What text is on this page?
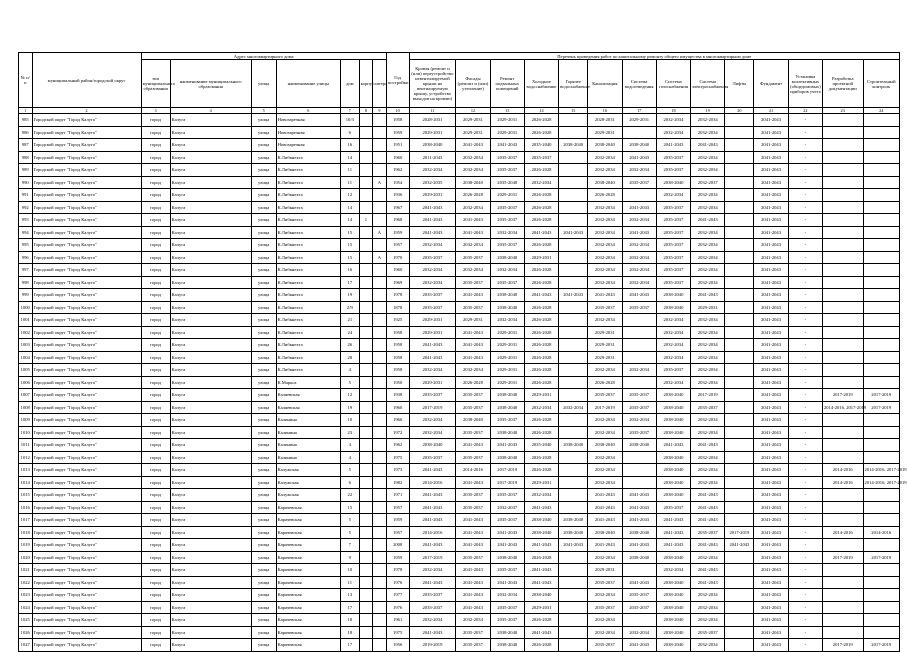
№ п/п	муниципальный район/городской округ	Адрес многоквартирного дома							Год постройки	Перечень проведения работ по капитальному ремонту общего имущества в многоквартирном доме													
		тип муниципального образования	наименование муниципального образования	улица	наименование улицы	дом	корпус	литера		Кровля (ремонт и (или) переустройство невентилируемой крыши на вентилируемую крышу, устройство выходов на кровлю)	Фасады (ремонт и (или) утепление)	Ремонт подвальных помещений	Холодное водоснабжение	Горячее водоснабжение	Канализация	Система водоотведения	Система газоснабжения	Система электроснабжения	Лифты	Фундамент	Установка коллективных (общедомовых) приборов учета	Разработка проектной документации	Строительный контроль
1	2	3	4	5	6	7	8	9	10	11	12	13	14	15	16	17	18	19	20	21	22	23	24
985	Городской округ "Город Калуга"	город	Калуга	улица	Новозаречная	10/3			1958	2028-2031	2029-2031	2029-2031	2026-2028		2028-2031	2029-2031	2032-2034	2032-2034		2041-2043	-		
986	Городской округ "Город Калуга"	город	Калуга	улица	Новозаречная	6			1959	2029-2031	2029-2031	2029-2031	2026-2028		2029-2031		2032-2034	2032-2034		2041-2043	-		
987	Городской округ "Город Калуга"	город	Калуга	улица	Новозаречная	16			1951	2038-2040	2041-2043	2041-2043	2035-2040	2038-2040	2038-2040	2038-2040	2041-2043	2041-2043		2041-2043	-		
988	Городской округ "Город Калуга"	город	Калуга	улица	К.Либкнехта	14			1960	2011-2043	2032-2034	2035-2037	2035-2037		2032-2034	2041-2043	2035-2037	2032-2034		2041-2043	-		
989	Городской округ "Город Калуга"	город	Калуга	улица	К.Либкнехта	11			1962	2032-2034	2032-2034	2035-2037	2026-2028		2032-2034	2032-2034	2035-2037	2032-2034		2041-2043	-		
990	Городской округ "Город Калуга"	город	Калуга	улица	К.Либкнехта	11		А	1954	2032-2035	2038-2040	2035-2040	2032-2034		2038-2040	2035-2037	2038-2040	2032-2037		2041-2043	-		
991	Городской округ "Город Калуга"	город	Калуга	улица	К.Либкнехта	12			1936	2029-2031	2026-2028	2029-2031	2026-2028		2026-2028		2032-2034	2032-2034		2041-2043	-		
992	Городской округ "Город Калуга"	город	Калуга	улица	К.Либкнехта	14			1967	2041-2043	2032-2034	2035-2037	2026-2028		2032-2034	2041-2043	2035-2037	2032-2034		2041-2043	-		
993	Городской округ "Город Калуга"	город	Калуга	улица	К.Либкнехта	14	1		1968	2041-2043	2041-2043	2035-2037	2026-2028		2032-2034	2032-2034	2035-2037	2041-2043		2041-2043	-		
994	Городской округ "Город Калуга"	город	Калуга	улица	К.Либкнехта	15		А	1959	2041-2043	2041-2043	2032-2034	2041-2043	2041-2043	2032-2034	2041-2043	2035-2037	2032-2034		2041-2043	-		
995	Городской округ "Город Калуга"	город	Калуга	улица	К.Либкнехта	15			1957	2032-2034	2032-2034	2035-2037	2026-2028		2032-2034	2032-2034	2035-2037	2032-2034		2041-2043	-		
996	Городской округ "Город Калуга"	город	Калуга	улица	К.Либкнехта	15		А	1970	2035-2037	2035-2037	2038-2040	2029-2031		2032-2034	2032-2034	2035-2037	2032-2034		2041-2043	-		
997	Городской округ "Город Калуга"	город	Калуга	улица	К.Либкнехта	16			1960	2032-2034	2032-2034	2032-2034	2026-2028		2032-2034	2032-2034	2035-2037	2032-2034		2041-2043	-		
998	Городской округ "Город Калуга"	город	Калуга	улица	К.Либкнехта	17			1969	2032-2034	2035-2037	2035-2037	2026-2028		2032-2034	2032-2034	2035-2037	2032-2034		2041-2043	-		
999	Городской округ "Город Калуга"	город	Калуга	улица	К.Либкнехта	19			1978	2035-2037	2041-2043	2038-2040	2041-2043	2041-2043	2041-2043	2041-2043	2038-2040	2041-2043		2041-2043	-		
1000	Городской округ "Город Калуга"	город	Калуга	улица	К.Либкнехта	2/9			1878	2035-2037	2035-2037	2038-2040	2026-2028		2035-2037	2035-2037	2038-2040	2029-2031		2041-2043	-		
1001	Городской округ "Город Калуга"	город	Калуга	улица	К.Либкнехта	21			1925	2029-2031	2029-2031	2032-2034	2026-2028		2032-2034		2032-2034	2032-2034		2041-2043	-		
1002	Городской округ "Город Калуга"	город	Калуга	улица	К.Либкнехта	24			1958	2029-2031	2041-2043	2029-2031	2026-2028		2029-2031		2032-2034	2032-2034		2041-2043	-		
1003	Городской округ "Город Калуга"	город	Калуга	улица	К.Либкнехта	26			1958	2041-2043	2041-2043	2029-2031	2026-2028		2029-2031		2032-2034	2032-2034		2041-2043	-		
1004	Городской округ "Город Калуга"	город	Калуга	улица	К.Либкнехта	28			1958	2041-2043	2041-2043	2029-2031	2026-2028		2029-2031		2032-2034	2032-2034		2041-2043	-		
1005	Городской округ "Город Калуга"	город	Калуга	улица	К.Либкнехта	4			1958	2032-2034	2032-2034	2029-2031	2026-2028		2032-2034	2032-2034	2035-2037	2032-2034		2041-2043	-		
1006	Городской округ "Город Калуга"	город	Калуга	улица	К.Маркса	5			1950	2029-2031	2026-2028	2029-2031	2026-2028		2026-2028		2032-2034	2032-2034		2041-2043	-		
1007	Городской округ "Город Калуга"	город	Калуга	улица	Каляевская	12			1938	2035-2037	2035-2037	2038-2040	2029-2031		2035-2037	2035-2037	2038-2040	2017-2019		2041-2043	-	2017-2019	2017-2019
1008	Городской округ "Город Калуга"	город	Калуга	улица	Каляевская	19			1960	2017-2019	2035-2037	2038-2040	2032-2034	2032-2034	2017-2019	2035-2037	2038-2040	2035-2037		2041-2043	-	2014-2016, 2017-2019	2017-2019
1009	Городской округ "Город Калуга"	город	Калуга	улица	Калинина	10			1966	2032-2034	2038-2040	2035-2037	2026-2028		2032-2034	2032-2034	2038-2040	2032-2034		2041-2043	-		
1010	Городской округ "Город Калуга"	город	Калуга	улица	Калинина	23			1972	2032-2034	2035-2037	2038-2040	2026-2028		2032-2034	2035-2037	2038-2040	2032-2034		2041-2043	-		
1011	Городской округ "Город Калуга"	город	Калуга	улица	Калинина	4			1962	2038-2040	2041-2043	2041-2043	2035-2040	2038-2040	2038-2040	2038-2040	2041-2043	2041-2043		2041-2043	-		
1012	Городской округ "Город Калуга"	город	Калуга	улица	Калинина	4			1975	2035-2037	2035-2037	2038-2040	2026-2028		2032-2034		2038-2040	2032-2034		2041-2043	-		
1013	Городской округ "Город Калуга"	город	Калуга	улица	Калужская	5			1973	2041-2043	2014-2016	2017-2019	2026-2028		2032-2034		2038-2040	2032-2034		2041-2043	-	2014-2016	2014-2016, 2017-2019
1014	Городской округ "Город Калуга"	город	Калуга	улица	Калужская	6			1982	2014-2016	2041-2043	2017-2019	2029-2031		2032-2034		2038-2040	2032-2034		2041-2043	-	2014-2016	2014-2016, 2017-2019
1015	Городской округ "Город Калуга"	город	Калуга	улица	Калужская	22			1971	2041-2043	2035-2037	2035-2037	2032-2034		2041-2043	2041-2043	2038-2040	2041-2043		2041-2043	-		
1016	Городской округ "Город Калуга"	город	Калуга	улица	Карачевская	15			1957	2041-2043	2035-2037	2032-2037	2041-2043		2041-2043	2041-2043	2035-2037	2041-2043		2041-2043	-		
1017	Городской округ "Город Калуга"	город	Калуга	улица	Карачевская	5			1959	2041-2043	2041-2043	2035-2037	2038-2040	2038-2040	2041-2043	2041-2043	2041-2043	2041-2043		2041-2043	-		
1018	Городской округ "Город Калуга"	город	Калуга	улица	Карачевская	5			1957	2014-2016	2041-2043	2041-2043	2038-2040	2038-2040	2038-2040	2038-2040	2041-2043	2035-2037	2017-2019	2041-2043	-	2014-2016	2014-2016
1019	Городской округ "Город Калуга"	город	Калуга	улица	Карачевская	7			2008	2041-2043	2041-2043	2041-2043	2041-2043	2041-2043	2041-2043	2041-2043	2041-2043	2041-2043	2041-2043	2041-2043	-		
1020	Городской округ "Город Калуга"	город	Калуга	улица	Карачевская	9			1959	2017-2019	2035-2037	2038-2040	2026-2028		2032-2034	2038-2040	2038-2040	2032-2034		2041-2043	-	2017-2019	2017-2019
1021	Городской округ "Город Калуга"	город	Калуга	улица	Карачевская	10			1978	2032-2034	2041-2043	2035-2037	2041-2043		2029-2031		2032-2034	2041-2043		2041-2043	-		
1022	Городской округ "Город Калуга"	город	Калуга	улица	Карачевская	11			1976	2041-2043	2041-2043	2041-2043	2041-2043		2035-2037	2041-2043	2038-2040	2041-2043		2041-2043	-		
1023	Городской округ "Город Калуга"	город	Калуга	улица	Карачевская	13			1977	2035-2037	2041-2043	2032-2034	2038-2040		2032-2034	2035-2037	2038-2040	2032-2034		2041-2043	-		
1024	Городской округ "Город Калуга"	город	Калуга	улица	Карачевская	17			1976	2035-2037	2041-2043	2035-2037	2029-2031		2035-2037	2035-2037	2038-2040	2032-2034		2041-2043	-		
1025	Городской округ "Город Калуга"	город	Калуга	улица	Карачевская	18			1961	2032-2034	2032-2034	2035-2037	2026-2028		2032-2034		2038-2040	2032-2034		2041-2043	-		
1026	Городской округ "Город Калуга"	город	Калуга	улица	Карачевская	18			1975	2041-2043	2035-2037	2038-2040	2041-2043		2032-2034	2032-2034	2038-2040	2035-2037		2041-2043	-		
1027	Городской округ "Город Калуга"	город	Калуга	улица	Карачевская	17			1956	2019-2019	2035-2037	2038-2040	2026-2028		2035-2037	2041-2043	2038-2040	2032-2034		2041-2043	-	2017-2019	2017-2019
